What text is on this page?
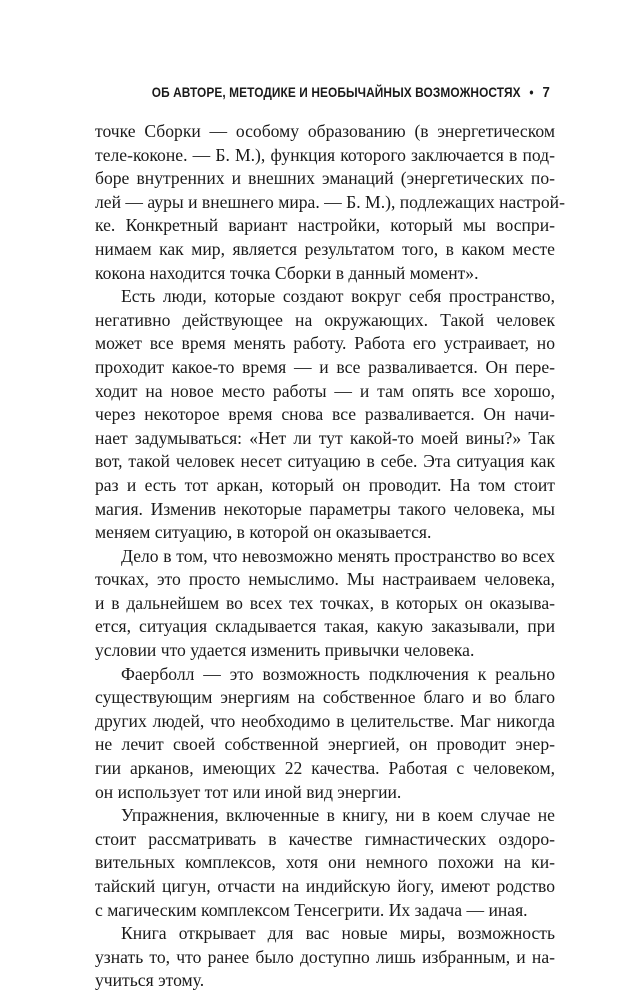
ОБ АВТОРЕ, МЕТОДИКЕ И НЕОБЫЧАЙНЫХ ВОЗМОЖНОСТЯХ • 7

точке Сборки — особому образованию (в энергетическом
теле-коконе. — Б. М.), функция которого заключается в под-
боре внутренних и внешних эманаций (энергетических по-
лей — ауры и внешнего мира. — Б. М.), подлежащих настрой-
ке. Конкретный вариант настройки, который мы воспри-
нимаем как мир, является результатом того, в каком месте
кокона находится точка Сборки в данный момент».

Есть люди, которые создают вокруг себя пространство,
негативно действующее на окружающих. Такой человек
может все время менять работу. Работа его устраивает, но
проходит какое-то время — и все разваливается. Он пере-
ходит на новое место работы — и там опять все хорошо,
через некоторое время снова все разваливается. Он начи-
нает задумываться: «Нет ли тут какой-то моей вины?» Так
вот, такой человек несет ситуацию в себе. Эта ситуация как
раз и есть тот аркан, который он проводит. На том стоит
магия. Изменив некоторые параметры такого человека, мы
меняем ситуацию, в которой он оказывается.

Дело в том, что невозможно менять пространство во всех
точках, это просто немыслимо. Мы настраиваем человека,
и в дальнейшем во всех тех точках, в которых он оказыва-
ется, ситуация складывается такая, какую заказывали, при
условии что удается изменить привычки человека.

Фаерболл — это возможность подключения к реально
существующим энергиям на собственное благо и во благо
других людей, что необходимо в целительстве. Маг никогда
не лечит своей собственной энергией, он проводит энер-
гии арканов, имеющих 22 качества. Работая с человеком,
он использует тот или иной вид энергии.

Упражнения, включенные в книгу, ни в коем случае не
стоит рассматривать в качестве гимнастических оздоро-
вительных комплексов, хотя они немного похожи на ки-
тайский цигун, отчасти на индийскую йогу, имеют родство
с магическим комплексом Тенсегрити. Их задача — иная.

Книга открывает для вас новые миры, возможность
узнать то, что ранее было доступно лишь избранным, и на-
учиться этому.
